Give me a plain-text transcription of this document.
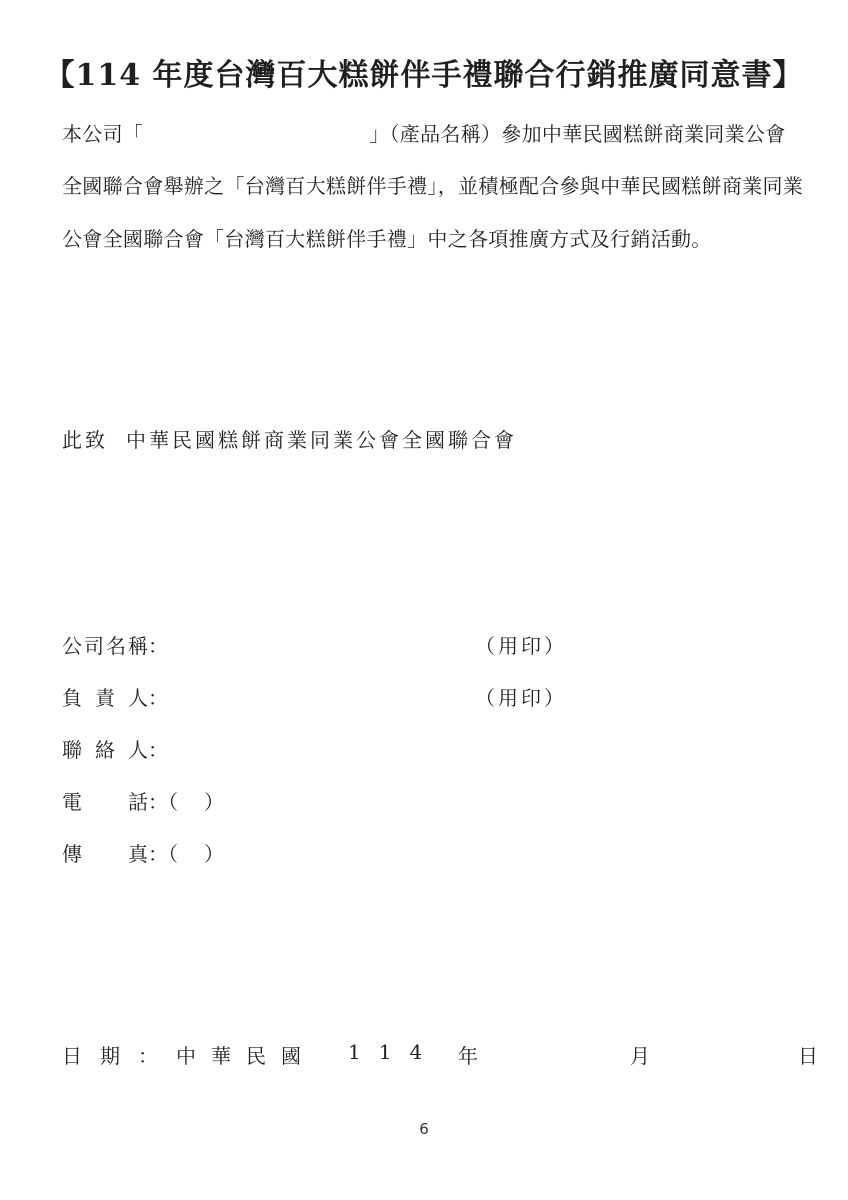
【114 年度台灣百大糕餅伴手禮聯合行銷推廣同意書】
本公司「	」（產品名稱）參加中華民國糕餅商業同業公會
全國聯合會舉辦之「台灣百大糕餅伴手禮」，並積極配合參與中華民國糕餅商業同業
公會全國聯合會「台灣百大糕餅伴手禮」中之各項推廣方式及行銷活動。
此致 中華民國糕餅商業同業公會全國聯合會
公司名稱：	（用印）
負責人：	（用印）
聯絡人：
電話：（ ）
傳真：（ ）
日期： 中華民國 114 年	月	日
6
